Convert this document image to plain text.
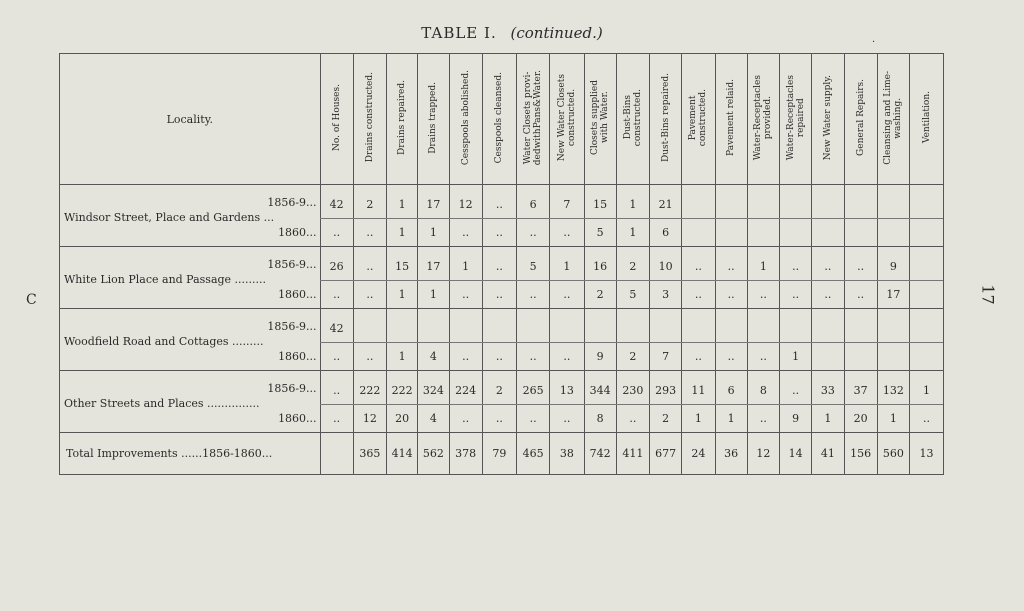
TABLE I. (continued.)	.
C	17
Locality.	No. of Houses.	Drains constructed.	Drains repaired.	Drains trapped.	Cesspools abolished.	Cesspools cleansed.	Water Closets provi-
dedwithPans&Water.	New Water Closets
constructed.	Closets supplied
with Water.	Dust-Bins
constructed.	Dust-Bins repaired.	Pavement
constructed.	Pavement relaid.	Water-Receptacles
provided.	Water-Receptacles
repaired	New Water supply.	General Repairs.	Cleansing and Lime-
washing.	Ventilation.

1856-9...	42	2	1	17	12	..	6	7	15	1	21								

Windsor Street, Place and Gardens ...
1860...	..	..	1	1	..	..	..	..	5	1	6								

1856-9...	26	..	15	17	1	..	5	1	16	2	10	..	..	1	..	..	..	9	

White Lion Place and Passage .........
1860...	..	..	1	1	..	..	..	..	2	5	3	..	..	..	..	..	..	17	

1856-9...	42																		

Woodfield Road and Cottages .........
1860...	..	..	1	4	..	..	..	..	9	2	7	..	..	..	1				

1856-9...	..	222	222	324	224	2	265	13	344	230	293	11	6	8	..	33	37	132	1

Other Streets and Places ...............
1860...	..	12	20	4	..	..	..	..	8	..	2	1	1	..	9	1	20	1	..
Total Improvements ......1856-1860...		365	414	562	378	79	465	38	742	411	677	24	36	12	14	41	156	560	13
